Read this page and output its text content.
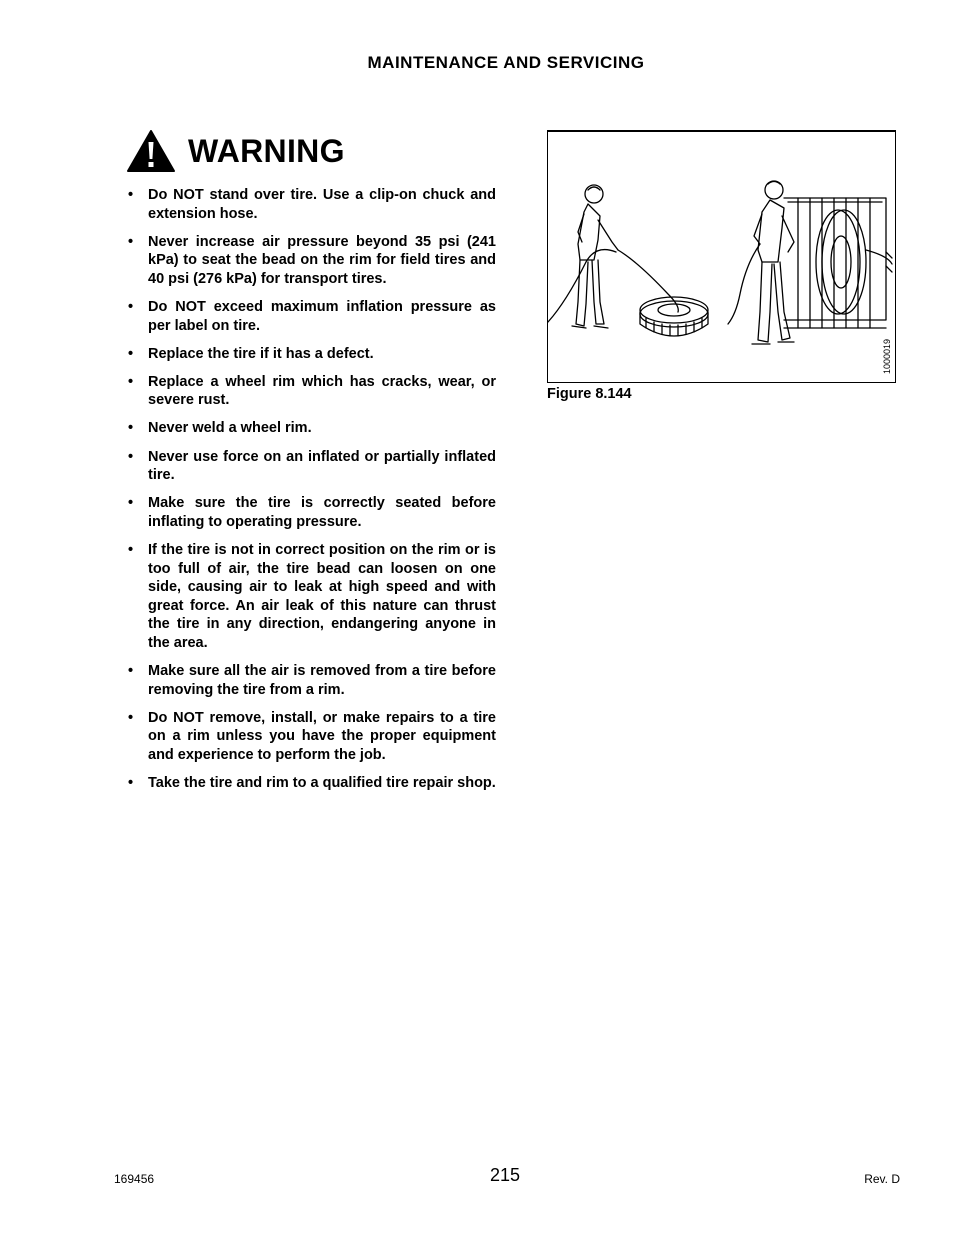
MAINTENANCE AND SERVICING
WARNING
•	Do NOT stand over tire. Use a clip-on chuck and extension hose.
•	Never increase air pressure beyond 35 psi (241 kPa) to seat the bead on the rim for field tires and 40 psi (276 kPa) for transport tires.
•	Do NOT exceed maximum inflation pressure as per label on tire.
•	Replace the tire if it has a defect.
•	Replace a wheel rim which has cracks, wear, or severe rust.
•	Never weld a wheel rim.
•	Never use force on an inflated or partially inflated tire.
•	Make sure the tire is correctly seated before inflating to operating pressure.
•	If the tire is not in correct position on the rim or is too full of air, the tire bead can loosen on one side, causing air to leak at high speed and with great force. An air leak of this nature can thrust the tire in any direction, endangering anyone in the area.
•	Make sure all the air is removed from a tire before removing the tire from a rim.
•	Do NOT remove, install, or make repairs to a tire on a rim unless you have the proper equipment and experience to perform the job.
•	Take the tire and rim to a qualified tire repair shop.
1000019
Figure 8.144
169456	215	Rev. D
